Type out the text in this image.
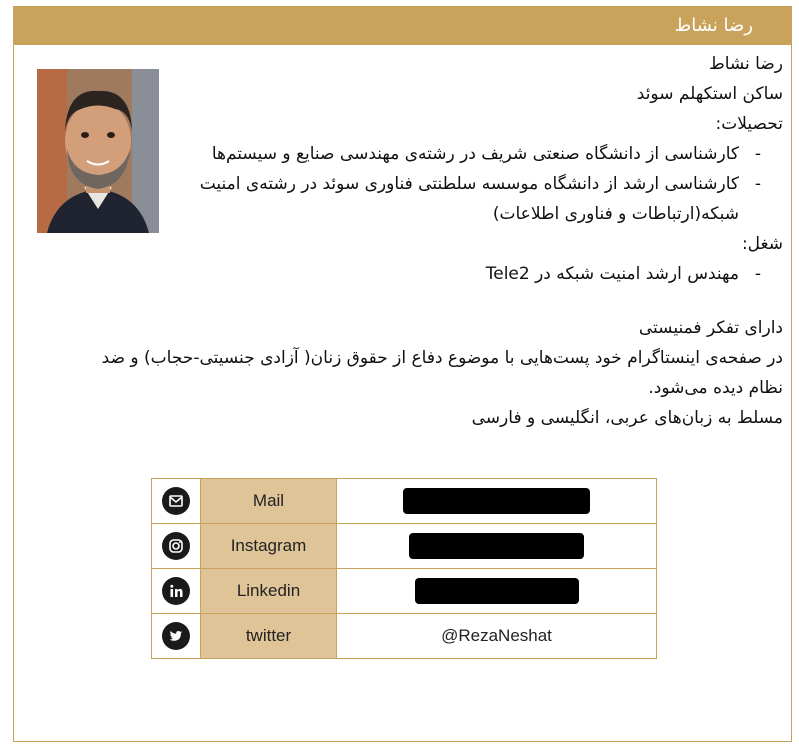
رضا نشاط
رضا نشاط
ساکن استکهلم سوئد
تحصیلات:
-
کارشناسی از دانشگاه صنعتی شریف در رشته‌ی مهندسی صنایع و سیستم‌ها
-
کارشناسی ارشد از دانشگاه موسسه سلطنتی فناوری سوئد در رشته‌ی امنیت
شبکه(ارتباطات و فناوری اطلاعات)
شغل:
-
مهندس ارشد امنیت شبکه در Tele2
دارای تفکر فمنیستی
در صفحه‌ی اینستاگرام خود پست‌هایی با موضوع دفاع از حقوق زنان( آزادی جنسیتی-حجاب) و ضد
نظام دیده می‌شود.
مسلط به زبان‌های عربی، انگلیسی و فارسی
	Mail	

	Instagram	

	Linkedin	

	twitter	@RezaNeshat
